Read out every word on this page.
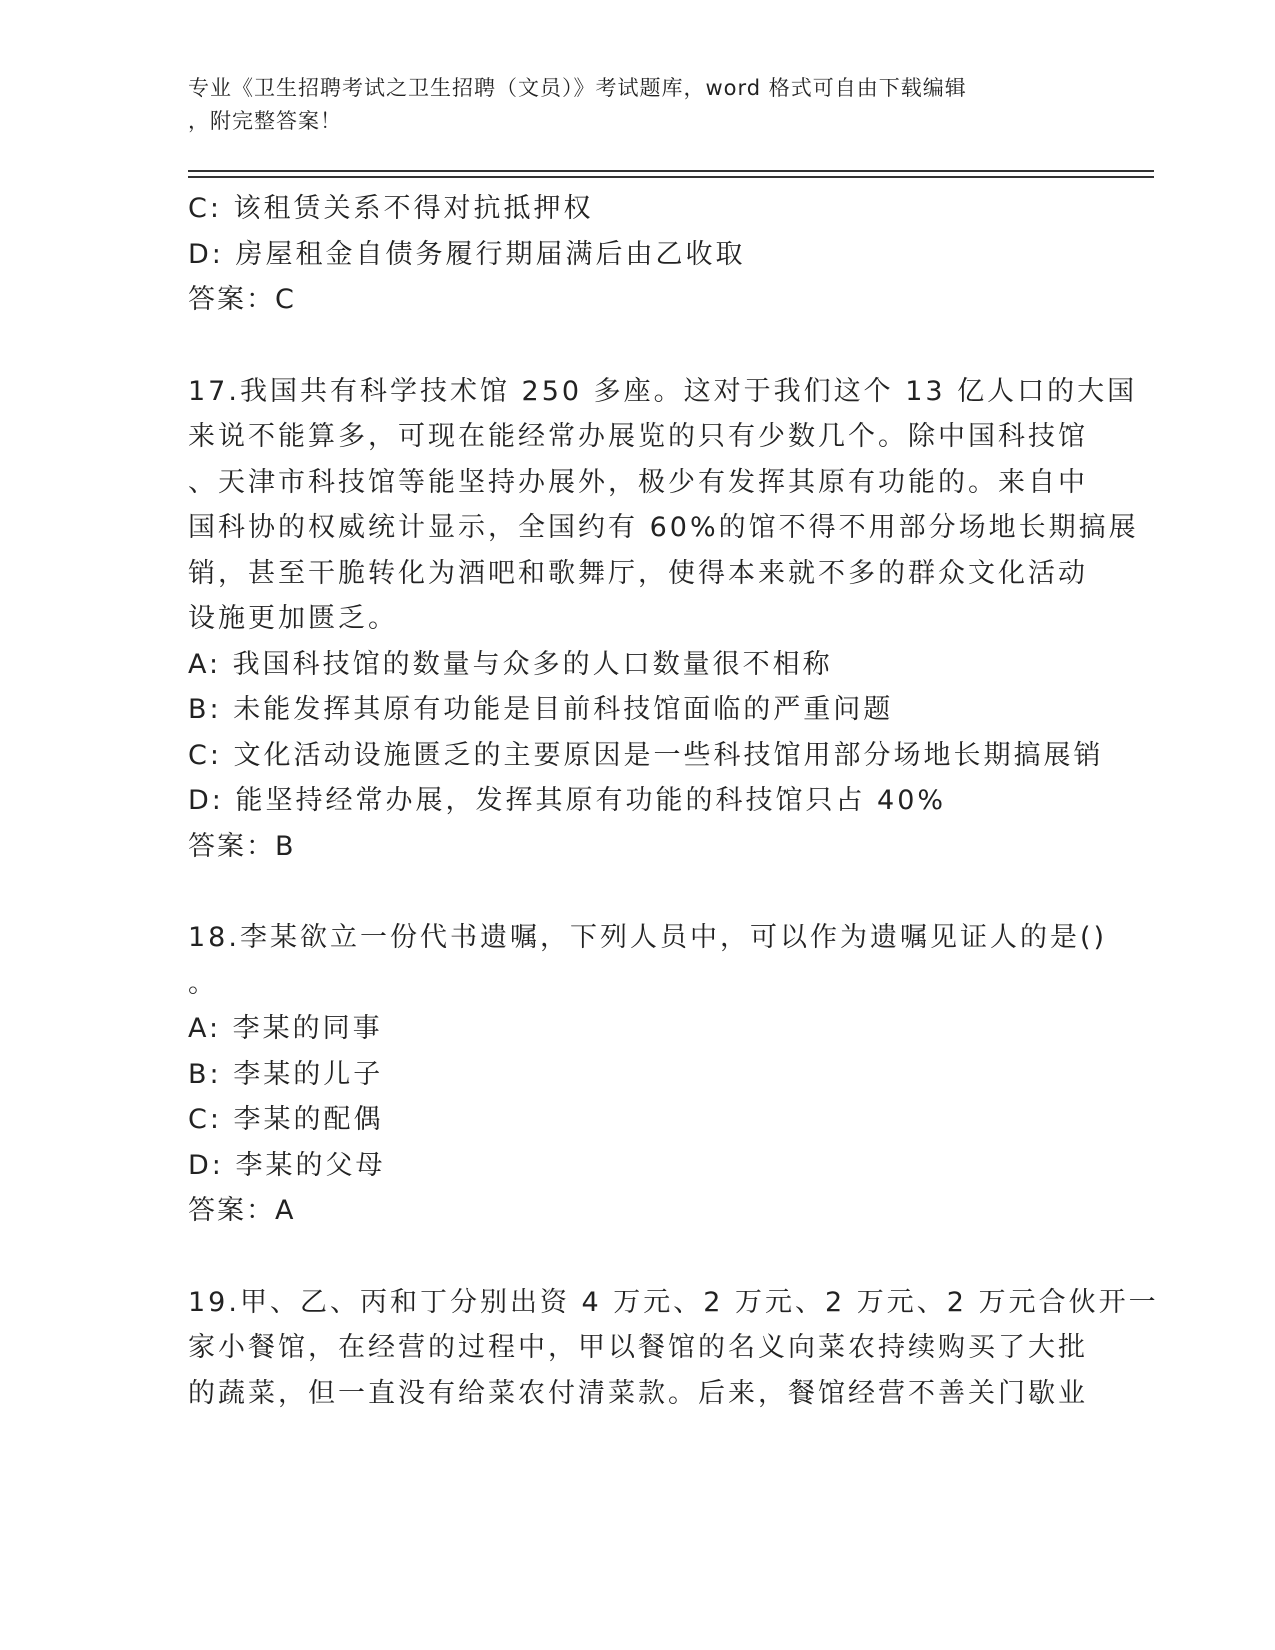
专业《卫生招聘考试之卫生招聘（文员）》考试题库，word 格式可自由下载编辑
，附完整答案！
C: 该租赁关系不得对抗抵押权
D: 房屋租金自债务履行期届满后由乙收取
答案：C
17.我国共有科学技术馆 250 多座。这对于我们这个 13 亿人口的大国
来说不能算多，可现在能经常办展览的只有少数几个。除中国科技馆
、天津市科技馆等能坚持办展外，极少有发挥其原有功能的。来自中
国科协的权威统计显示，全国约有 60%的馆不得不用部分场地长期搞展
销，甚至干脆转化为酒吧和歌舞厅，使得本来就不多的群众文化活动
设施更加匮乏。
A: 我国科技馆的数量与众多的人口数量很不相称
B: 未能发挥其原有功能是目前科技馆面临的严重问题
C: 文化活动设施匮乏的主要原因是一些科技馆用部分场地长期搞展销
D: 能坚持经常办展，发挥其原有功能的科技馆只占 40%
答案：B
18.李某欲立一份代书遗嘱，下列人员中，可以作为遗嘱见证人的是()
。
A: 李某的同事
B: 李某的儿子
C: 李某的配偶
D: 李某的父母
答案：A
19.甲、乙、丙和丁分别出资 4 万元、2 万元、2 万元、2 万元合伙开一
家小餐馆，在经营的过程中，甲以餐馆的名义向菜农持续购买了大批
的蔬菜，但一直没有给菜农付清菜款。后来，餐馆经营不善关门歇业
